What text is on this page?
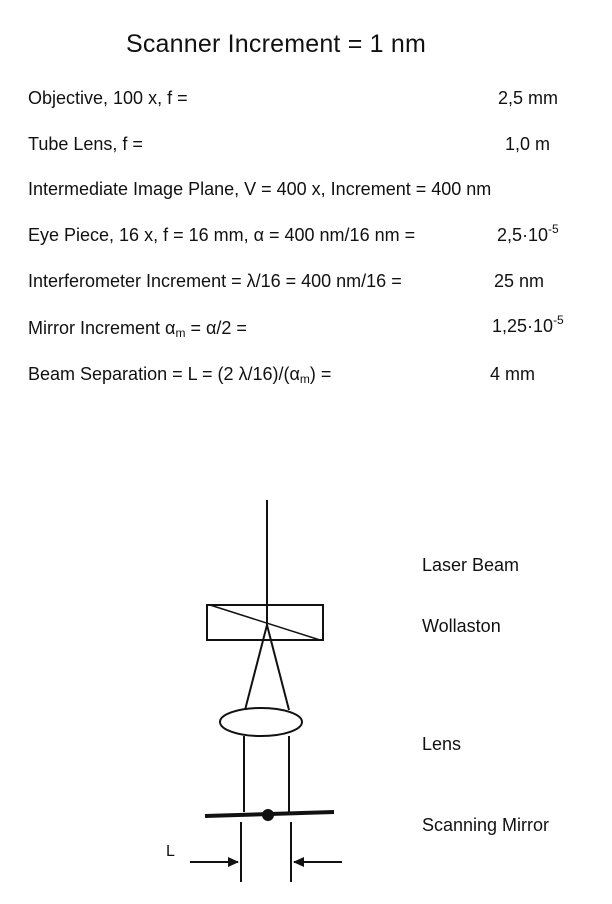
Scanner Increment = 1 nm
Objective, 100 x, f =	2,5 mm
Tube Lens, f =	1,0 m
Intermediate Image Plane, V = 400 x, Increment = 400 nm
Eye Piece, 16 x, f = 16 mm, α = 400 nm/16 nm =	$2,5\cdot 10^{-5}$
Interferometer Increment = λ/16 = 400 nm/16 =	25 nm
Mirror Increment $\alpha_m = \alpha/2$ =	$1,25\cdot 10^{-5}$
Beam Separation = L = (2 $\lambda/16)/(\alpha_m)$ =	4 mm
Laser Beam
Wollaston
Lens
Scanning Mirror
L
